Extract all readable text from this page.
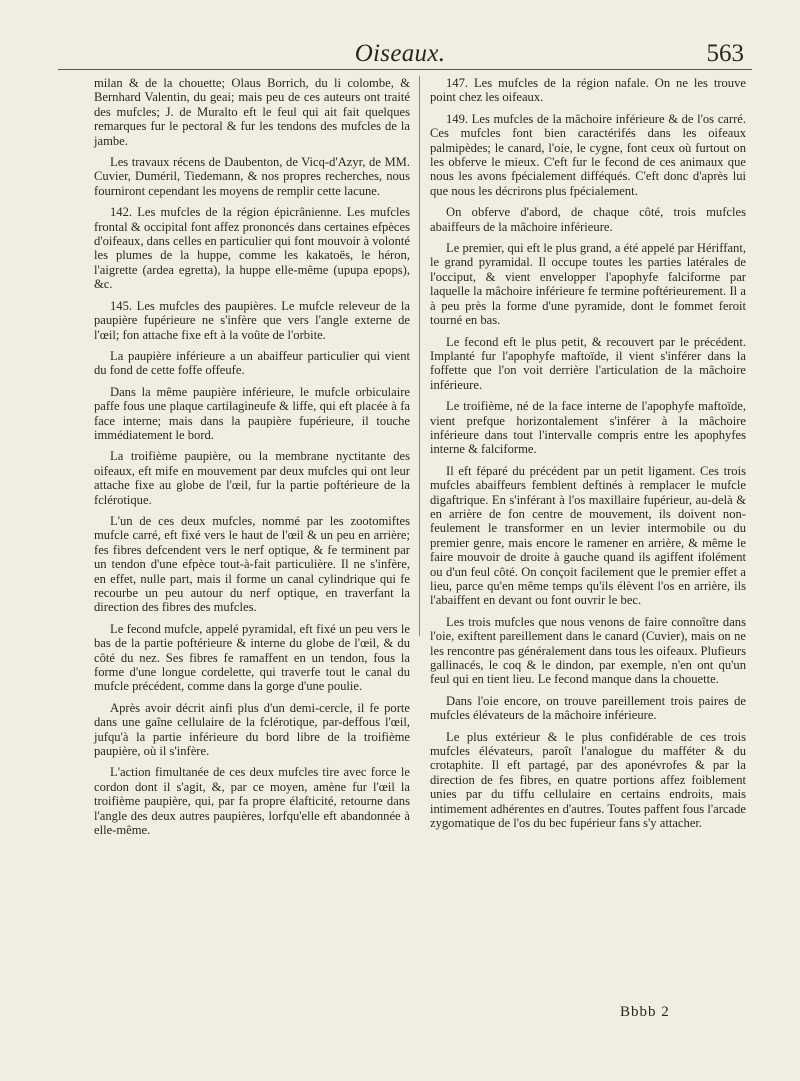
Oiseaux.	563

milan & de la chouette; Olaus Borrich, du li colombe, & Bernhard Valentin, du geai; mais peu de ces auteurs ont traité des mufcles; J. de Muralto eft le feul qui ait fait quelques remarques fur le pectoral & fur les tendons des mufcles de la jambe.

Les travaux récens de Daubenton, de Vicq-d'Azyr, de MM. Cuvier, Duméril, Tiedemann, & nos propres recherches, nous fourniront cependant les moyens de remplir cette lacune.

142. Les mufcles de la région épicrânienne. Les mufcles frontal & occipital font affez prononcés dans certaines efpèces d'oifeaux, dans celles en particulier qui font mouvoir à volonté les plumes de la huppe, comme les kakatoës, le héron, l'aigrette (ardea egretta), la huppe elle-même (upupa epops), &c.

145. Les mufcles des paupières. Le mufcle releveur de la paupière fupérieure ne s'infère que vers l'angle externe de l'œil; fon attache fixe eft à la voûte de l'orbite.

La paupière inférieure a un abaiffeur particulier qui vient du fond de cette foffe offeufe.

Dans la même paupière inférieure, le mufcle orbiculaire paffe fous une plaque cartilagineufe & liffe, qui eft placée à fa face interne; mais dans la paupière fupérieure, il touche immédiatement le bord.

La troifième paupière, ou la membrane nyctitante des oifeaux, eft mife en mouvement par deux mufcles qui ont leur attache fixe au globe de l'œil, fur la partie poftérieure de la fclérotique.

L'un de ces deux mufcles, nommé par les zootomiftes mufcle carré, eft fixé vers le haut de l'œil & un peu en arrière; fes fibres defcendent vers le nerf optique, & fe terminent par un tendon d'une efpèce tout-à-fait particulière. Il ne s'infère, en effet, nulle part, mais il forme un canal cylindrique qui fe recourbe un peu autour du nerf optique, en traverfant la direction des fibres des mufcles.

Le fecond mufcle, appelé pyramidal, eft fixé un peu vers le bas de la partie poftérieure & interne du globe de l'œil, & du côté du nez. Ses fibres fe ramaffent en un tendon, fous la forme d'une longue cordelette, qui traverfe tout le canal du mufcle précédent, comme dans la gorge d'une poulie.

Après avoir décrit ainfi plus d'un demi-cercle, il fe porte dans une gaîne cellulaire de la fclérotique, par-deffous l'œil, jufqu'à la partie inférieure du bord libre de la troifième paupière, où il s'infère.

L'action fimultanée de ces deux mufcles tire avec force le cordon dont il s'agit, &, par ce moyen, amène fur l'œil la troifième paupière, qui, par fa propre élafticité, retourne dans l'angle des deux autres paupières, lorfqu'elle eft abandonnée à elle-même.

147. Les mufcles de la région nafale. On ne les trouve point chez les oifeaux.

149. Les mufcles de la mâchoire inférieure & de l'os carré. Ces mufcles font bien caractérifés dans les oifeaux palmipèdes; le canard, l'oie, le cygne, font ceux où furtout on les obferve le mieux. C'eft fur le fecond de ces animaux que nous les avons fpécialement difféqués. C'eft donc d'après lui que nous les décrirons plus fpécialement.

On obferve d'abord, de chaque côté, trois mufcles abaiffeurs de la mâchoire inférieure.

Le premier, qui eft le plus grand, a été appelé par Hériffant, le grand pyramidal. Il occupe toutes les parties latérales de l'occiput, & vient envelopper l'apophyfe falciforme par laquelle la mâchoire inférieure fe termine poftérieurement. Il a à peu près la forme d'une pyramide, dont le fommet feroit tourné en bas.

Le fecond eft le plus petit, & recouvert par le précédent. Implanté fur l'apophyfe maftoïde, il vient s'inférer dans la foffette que l'on voit derrière l'articulation de la mâchoire inférieure.

Le troifième, né de la face interne de l'apophyfe maftoïde, vient prefque horizontalement s'inférer à la mâchoire inférieure dans tout l'intervalle compris entre les apophyfes interne & falciforme.

Il eft féparé du précédent par un petit ligament. Ces trois mufcles abaiffeurs femblent deftinés à remplacer le mufcle digaftrique. En s'inférant à l'os maxillaire fupérieur, au-delà & en arrière de fon centre de mouvement, ils doivent non-feulement le transformer en un levier intermobile ou du premier genre, mais encore le ramener en arrière, & même le faire mouvoir de droite à gauche quand ils agiffent ifolément ou d'un feul côté. On conçoit facilement que le premier effet a lieu, parce qu'en même temps qu'ils élèvent l'os en arrière, ils l'abaiffent en devant ou font ouvrir le bec.

Les trois mufcles que nous venons de faire connoître dans l'oie, exiftent pareillement dans le canard (Cuvier), mais on ne les rencontre pas généralement dans tous les oifeaux. Plufieurs gallinacés, le coq & le dindon, par exemple, n'en ont qu'un feul qui en tient lieu. Le fecond manque dans la chouette.

Dans l'oie encore, on trouve pareillement trois paires de mufcles élévateurs de la mâchoire inférieure.

Le plus extérieur & le plus confidérable de ces trois mufcles élévateurs, paroît l'analogue du mafféter & du crotaphite. Il eft partagé, par des aponévrofes & par la direction de fes fibres, en quatre portions affez foiblement unies par du tiffu cellulaire en certains endroits, mais intimement adhérentes en d'autres. Toutes paffent fous l'arcade zygomatique de l'os du bec fupérieur fans s'y attacher.

Bbbb 2
